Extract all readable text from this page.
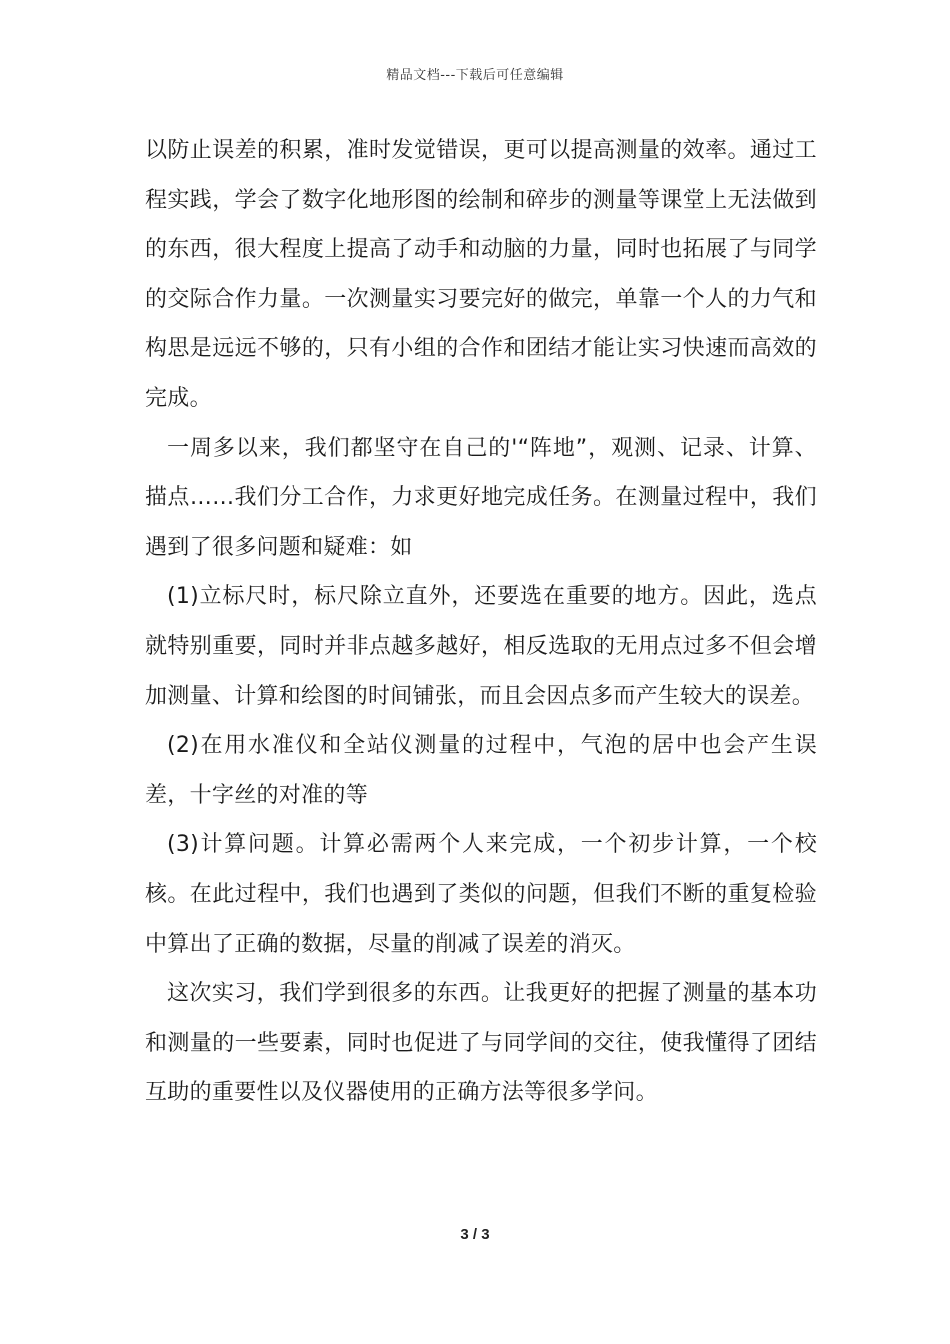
精品文档---下载后可任意编辑

以防止误差的积累，准时发觉错误，更可以提高测量的效率。通过工程实践，学会了数字化地形图的绘制和碎步的测量等课堂上无法做到的东西，很大程度上提高了动手和动脑的力量，同时也拓展了与同学的交际合作力量。一次测量实习要完好的做完，单靠一个人的力气和构思是远远不够的，只有小组的合作和团结才能让实习快速而高效的完成。

一周多以来，我们都坚守在自己的'“阵地”，观测、记录、计算、描点……我们分工合作，力求更好地完成任务。在测量过程中，我们遇到了很多问题和疑难：如

(1)立标尺时，标尺除立直外，还要选在重要的地方。因此，选点就特别重要，同时并非点越多越好，相反选取的无用点过多不但会增加测量、计算和绘图的时间铺张，而且会因点多而产生较大的误差。

(2)在用水准仪和全站仪测量的过程中，气泡的居中也会产生误差，十字丝的对准的等

(3)计算问题。计算必需两个人来完成，一个初步计算，一个校核。在此过程中，我们也遇到了类似的问题，但我们不断的重复检验中算出了正确的数据，尽量的削减了误差的消灭。

这次实习，我们学到很多的东西。让我更好的把握了测量的基本功和测量的一些要素，同时也促进了与同学间的交往，使我懂得了团结互助的重要性以及仪器使用的正确方法等很多学问。

3 / 3
